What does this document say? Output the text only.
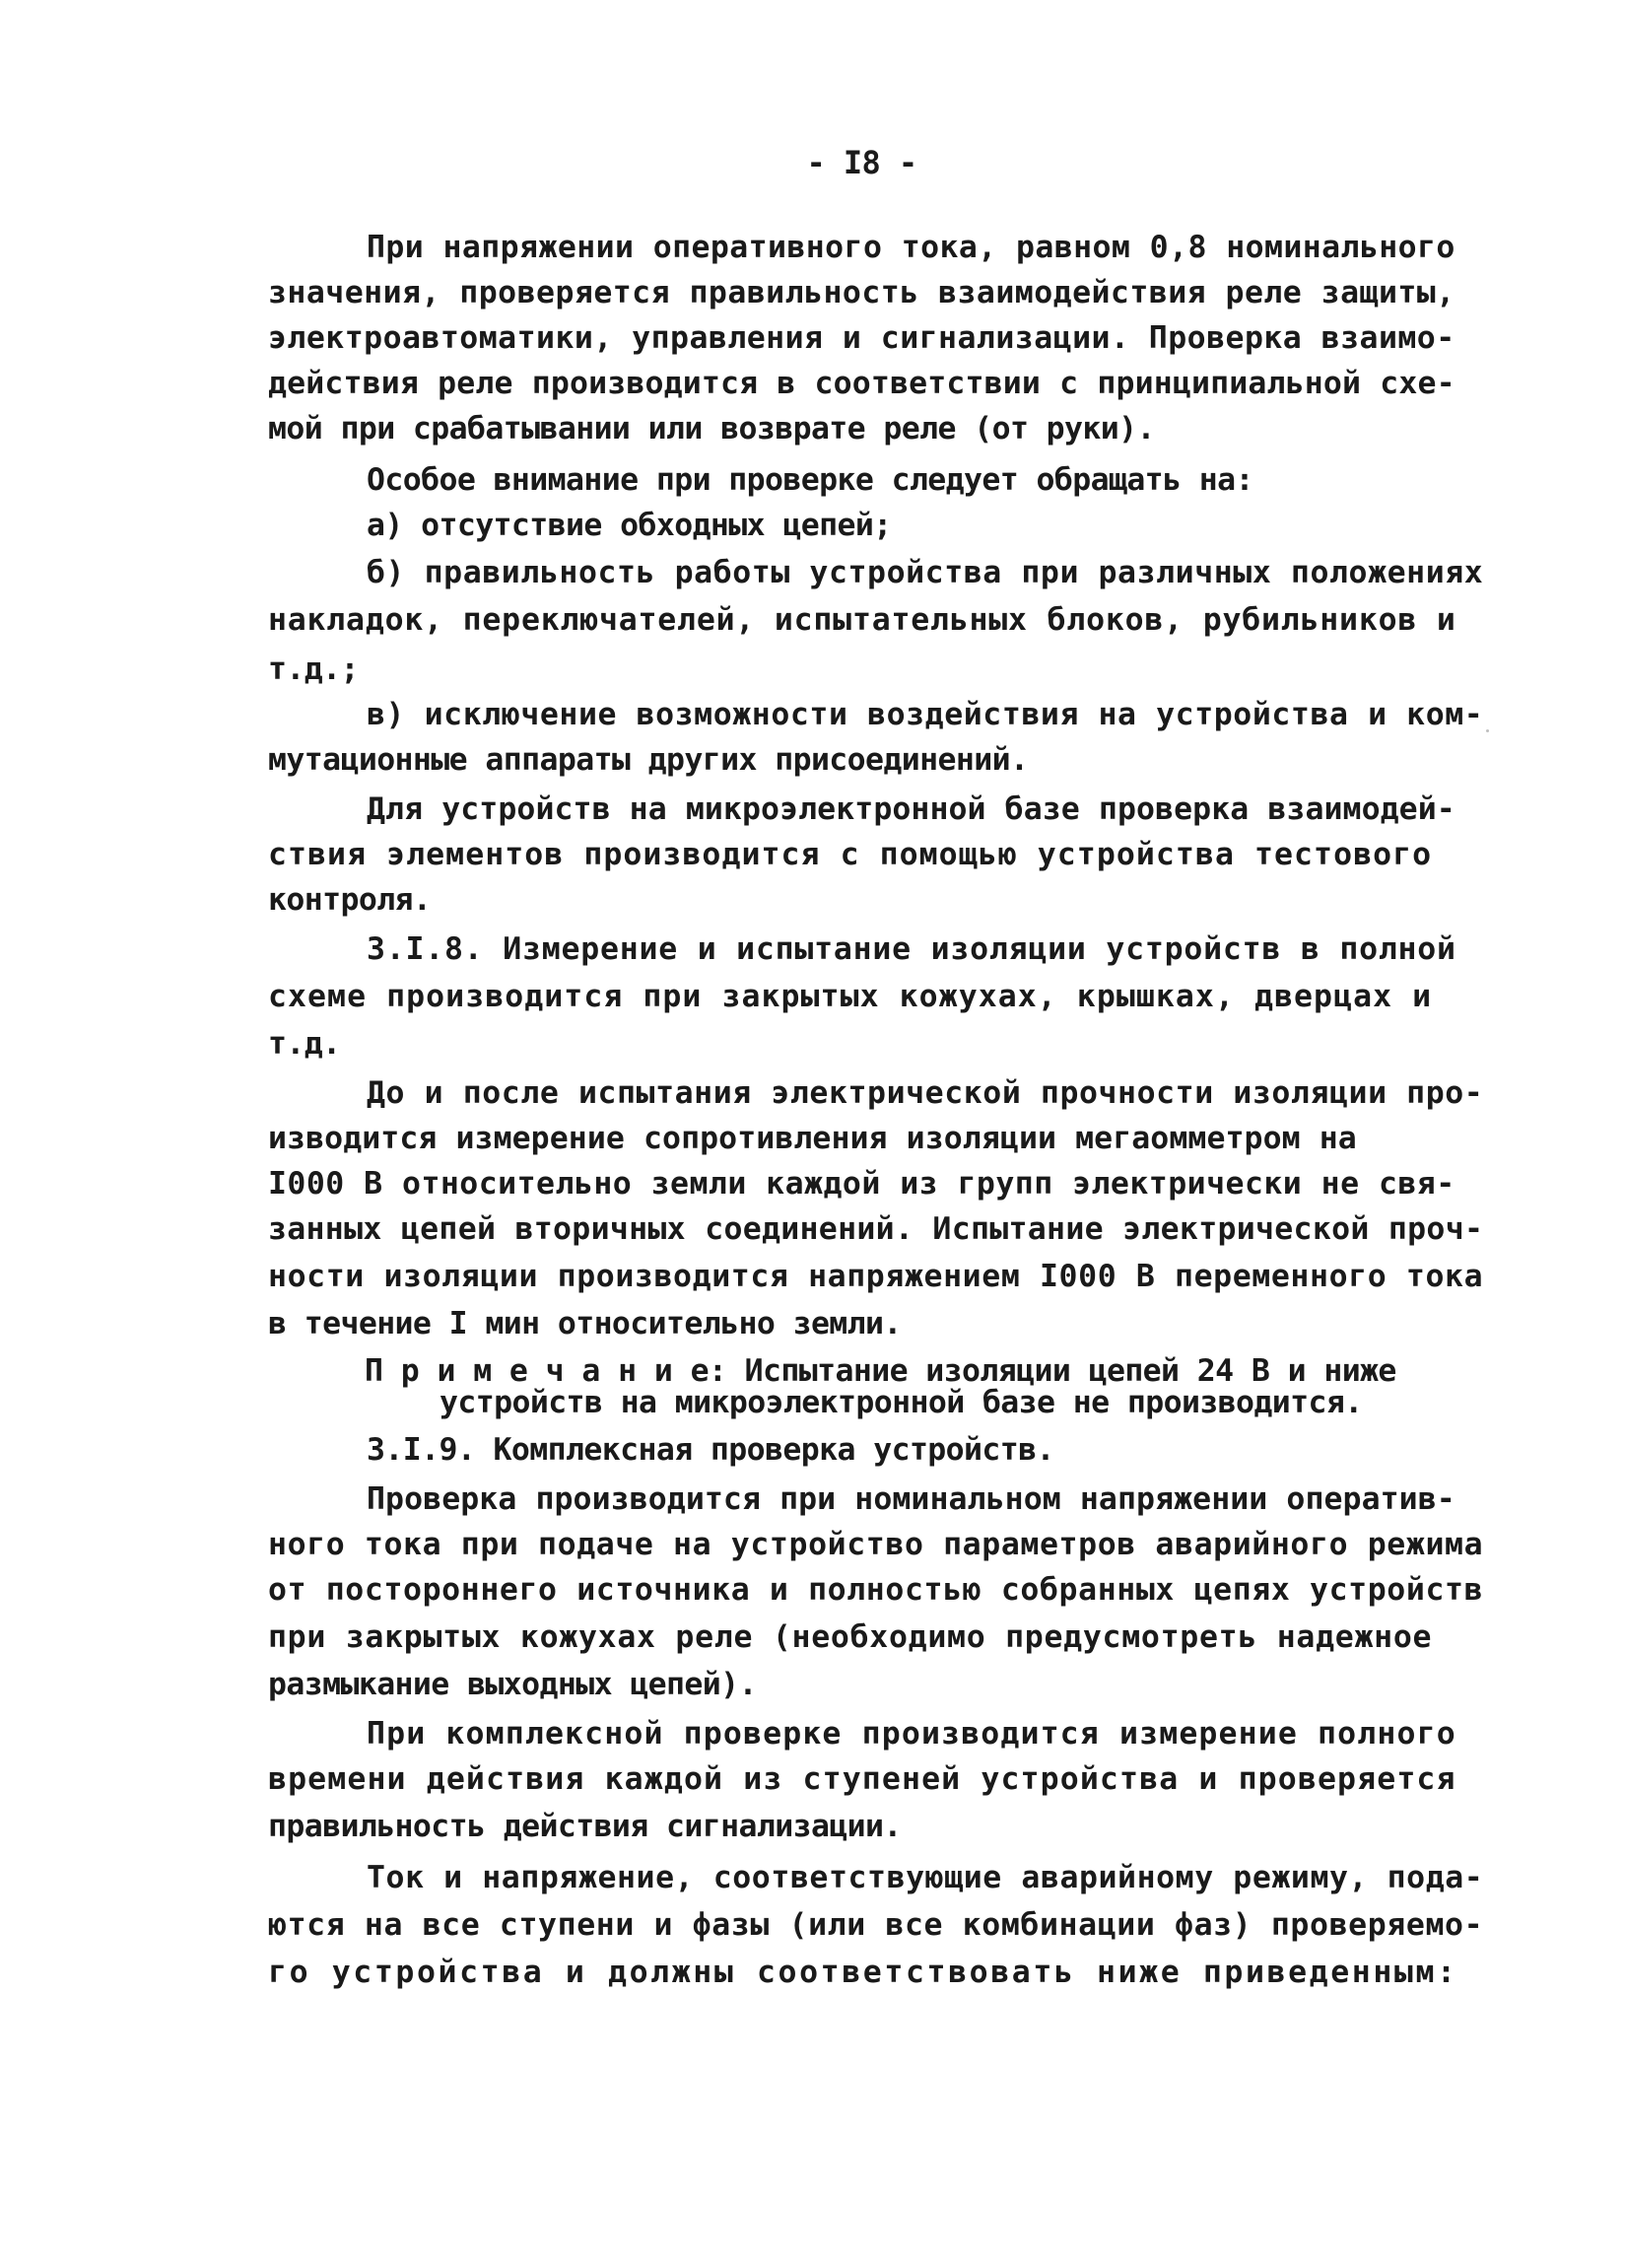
- I8 -
При напряжении оперативного тока, равном 0,8 номинального
значения, проверяется правильность взаимодействия реле защиты,
электроавтоматики, управления и сигнализации. Проверка взаимо-
действия реле производится в соответствии с принципиальной схе-
мой при срабатывании или возврате реле (от руки).
Особое внимание при проверке следует обращать на:
а) отсутствие обходных цепей;
б) правильность работы устройства при различных положениях
накладок, переключателей, испытательных блоков, рубильников и
т.д.;
в) исключение возможности воздействия на устройства и ком-
мутационные аппараты других присоединений.
Для устройств на микроэлектронной базе проверка взаимодей-
ствия элементов производится с помощью устройства тестового
контроля.
3.I.8. Измерение и испытание изоляции устройств в полной
схеме производится при закрытых кожухах, крышках, дверцах и
т.д.
До и после испытания электрической прочности изоляции про-
изводится измерение сопротивления изоляции мегаомметром на
I000 В относительно земли каждой из групп электрически не свя-
занных цепей вторичных соединений. Испытание электрической проч-
ности изоляции производится напряжением I000 В переменного тока
в течение I мин относительно земли.
П р и м е ч а н и е: Испытание изоляции цепей 24 В и ниже
устройств на микроэлектронной базе не производится.
3.I.9. Комплексная проверка устройств.
Проверка производится при номинальном напряжении оператив-
ного тока при подаче на устройство параметров аварийного режима
от постороннего источника и полностью собранных цепях устройств
при закрытых кожухах реле (необходимо предусмотреть надежное
размыкание выходных цепей).
При комплексной проверке производится измерение полного
времени действия каждой из ступеней устройства и проверяется
правильность действия сигнализации.
Ток и напряжение, соответствующие аварийному режиму, пода-
ются на все ступени и фазы (или все комбинации фаз) проверяемо-
го устройства и должны соответствовать ниже приведенным:
